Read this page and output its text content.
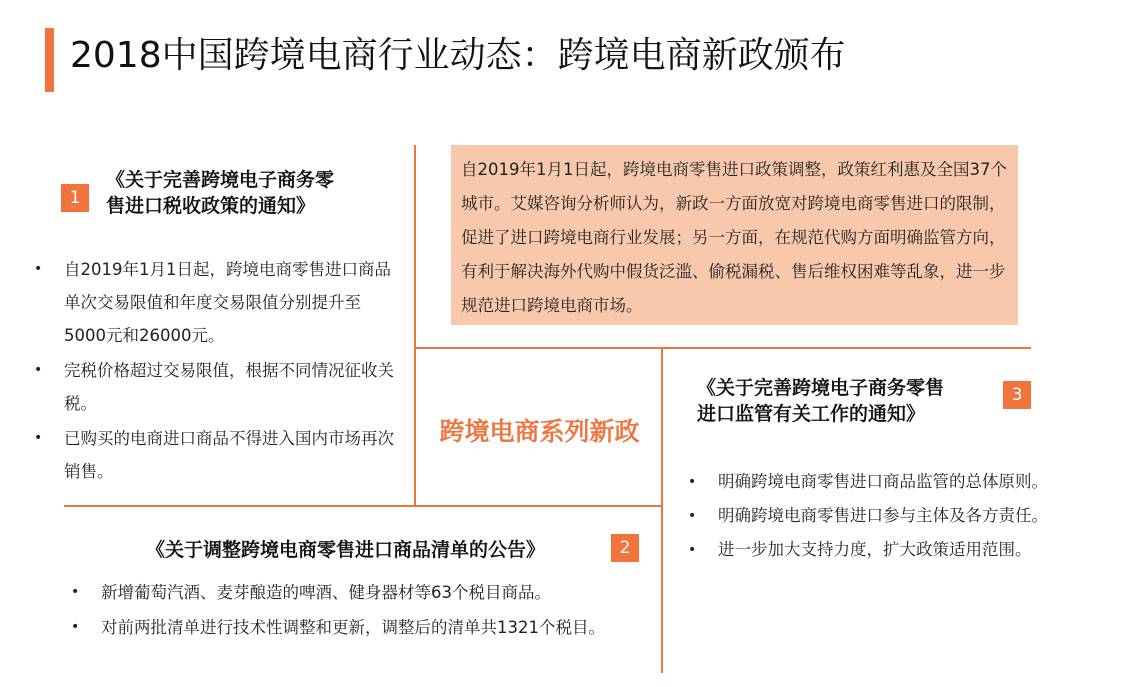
2018中国跨境电商行业动态：跨境电商新政颁布
1
《关于完善跨境电子商务零
售进口税收政策的通知》
• 自2019年1月1日起，跨境电商零售进口商品单次交易限值和年度交易限值分别提升至5000元和26000元。
• 完税价格超过交易限值，根据不同情况征收关税。
• 已购买的电商进口商品不得进入国内市场再次销售。
自2019年1月1日起，跨境电商零售进口政策调整，政策红利惠及全国37个城市。艾媒咨询分析师认为，新政一方面放宽对跨境电商零售进口的限制，促进了进口跨境电商行业发展；另一方面，在规范代购方面明确监管方向，有利于解决海外代购中假货泛滥、偷税漏税、售后维权困难等乱象，进一步规范进口跨境电商市场。
跨境电商系列新政
《关于完善跨境电子商务零售
进口监管有关工作的通知》
3
• 明确跨境电商零售进口商品监管的总体原则。
• 明确跨境电商零售进口参与主体及各方责任。
• 进一步加大支持力度，扩大政策适用范围。
《关于调整跨境电商零售进口商品清单的公告》	2
• 新增葡萄汽酒、麦芽酿造的啤酒、健身器材等63个税目商品。
• 对前两批清单进行技术性调整和更新，调整后的清单共1321个税目。
